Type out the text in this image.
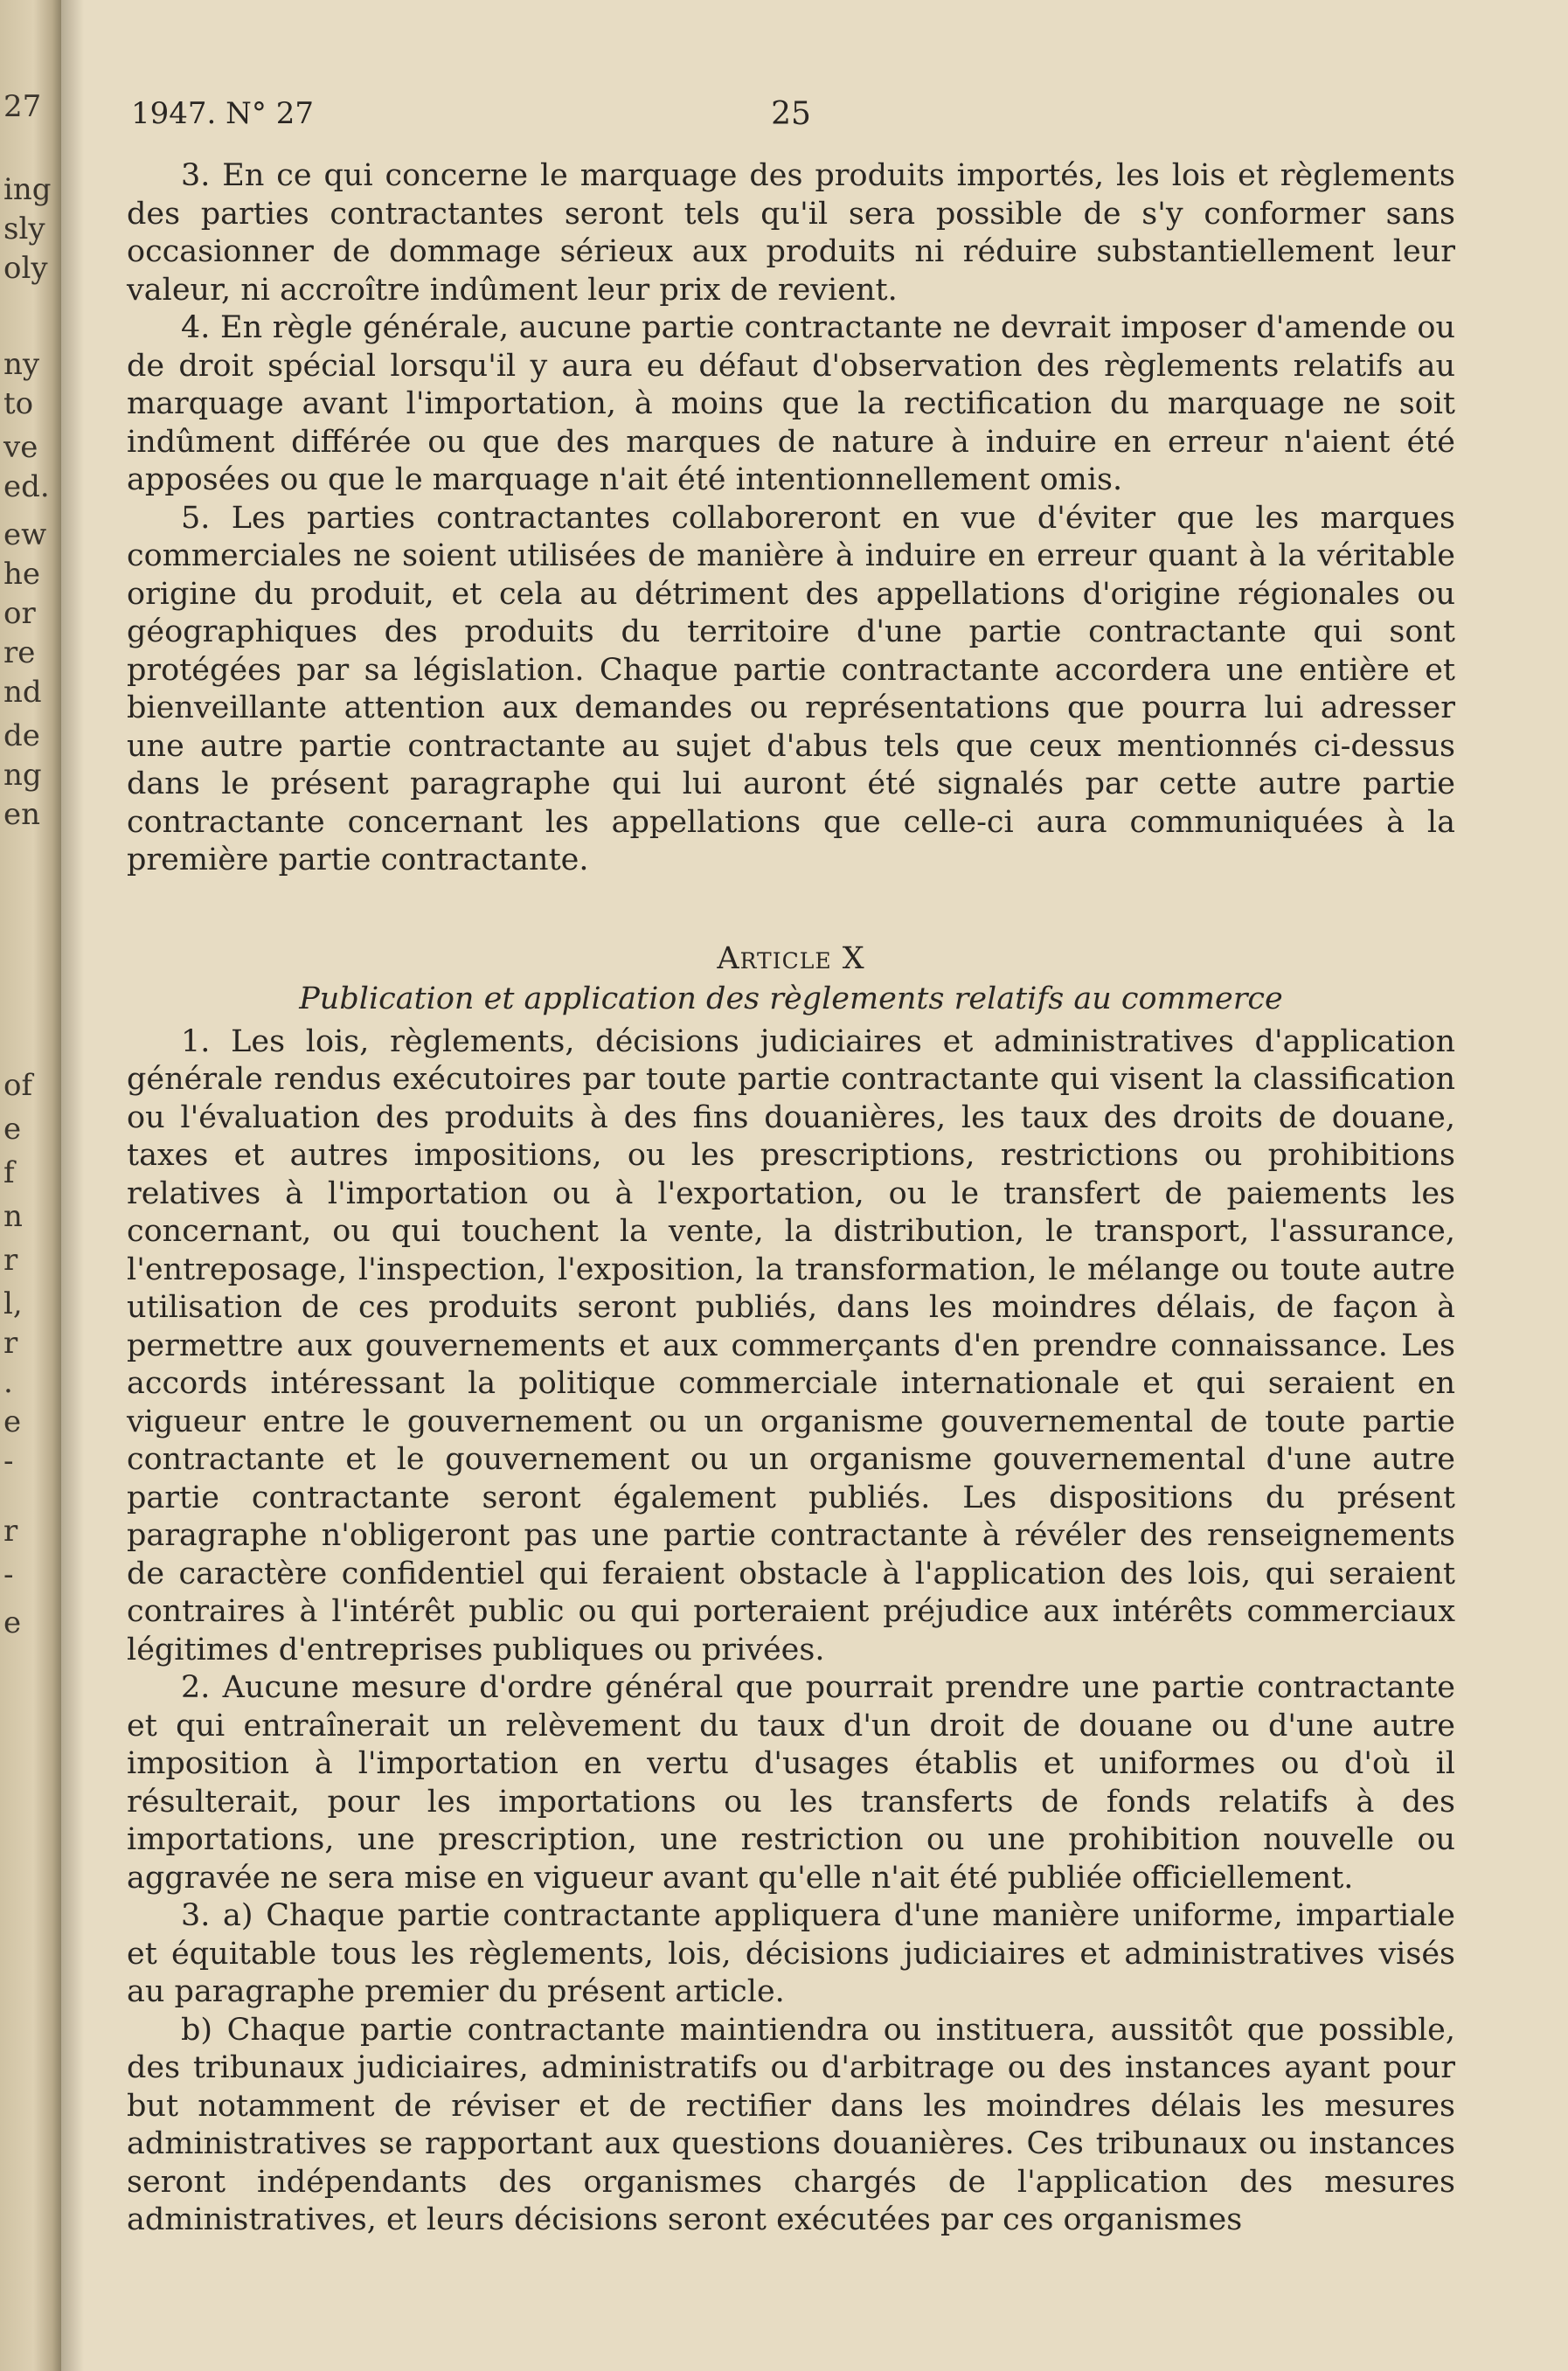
27
ing
sly
oly
ny
to
ve
ed.
ew
he
or
re
nd
de
ng
en
of
e
f
n
r
l,
r
.
e
-
r
-
e
1947. N° 27	25

3. En ce qui concerne le marquage des produits importés, les lois et règlements des parties contractantes seront tels qu'il sera possible de s'y conformer sans occasionner de dommage sérieux aux produits ni réduire substantiellement leur valeur, ni accroître indûment leur prix de revient.

4. En règle générale, aucune partie contractante ne devrait imposer d'amende ou de droit spécial lorsqu'il y aura eu défaut d'observation des règlements relatifs au marquage avant l'importation, à moins que la rectification du marquage ne soit indûment différée ou que des marques de nature à induire en erreur n'aient été apposées ou que le marquage n'ait été intentionnellement omis.

5. Les parties contractantes collaboreront en vue d'éviter que les marques commerciales ne soient utilisées de manière à induire en erreur quant à la véritable origine du produit, et cela au détriment des appellations d'origine régionales ou géographiques des produits du territoire d'une partie contractante qui sont protégées par sa législation. Chaque partie contractante accordera une entière et bienveillante attention aux demandes ou représentations que pourra lui adresser une autre partie contractante au sujet d'abus tels que ceux mentionnés ci-dessus dans le présent paragraphe qui lui auront été signalés par cette autre partie contractante concernant les appellations que celle-ci aura communiquées à la première partie contractante.

Article X
Publication et application des règlements relatifs au commerce

1. Les lois, règlements, décisions judiciaires et administratives d'application générale rendus exécutoires par toute partie contractante qui visent la classification ou l'évaluation des produits à des fins douanières, les taux des droits de douane, taxes et autres impositions, ou les prescriptions, restrictions ou prohibitions relatives à l'importation ou à l'exportation, ou le transfert de paiements les concernant, ou qui touchent la vente, la distribution, le transport, l'assurance, l'entreposage, l'inspection, l'exposition, la transformation, le mélange ou toute autre utilisation de ces produits seront publiés, dans les moindres délais, de façon à permettre aux gouvernements et aux commerçants d'en prendre connaissance. Les accords intéressant la politique commerciale internationale et qui seraient en vigueur entre le gouvernement ou un organisme gouvernemental de toute partie contractante et le gouvernement ou un organisme gouvernemental d'une autre partie contractante seront également publiés. Les dispositions du présent paragraphe n'obligeront pas une partie contractante à révéler des renseignements de caractère confidentiel qui feraient obstacle à l'application des lois, qui seraient contraires à l'intérêt public ou qui porteraient préjudice aux intérêts commerciaux légitimes d'entreprises publiques ou privées.

2. Aucune mesure d'ordre général que pourrait prendre une partie contractante et qui entraînerait un relèvement du taux d'un droit de douane ou d'une autre imposition à l'importation en vertu d'usages établis et uniformes ou d'où il résulterait, pour les importations ou les transferts de fonds relatifs à des importations, une prescription, une restriction ou une prohibition nouvelle ou aggravée ne sera mise en vigueur avant qu'elle n'ait été publiée officiellement.

3. a) Chaque partie contractante appliquera d'une manière uniforme, impartiale et équitable tous les règlements, lois, décisions judiciaires et administratives visés au paragraphe premier du présent article.

b) Chaque partie contractante maintiendra ou instituera, aussitôt que possible, des tribunaux judiciaires, administratifs ou d'arbitrage ou des instances ayant pour but notamment de réviser et de rectifier dans les moindres délais les mesures administratives se rapportant aux questions douanières. Ces tribunaux ou instances seront indépendants des organismes chargés de l'application des mesures administratives, et leurs décisions seront exécutées par ces organismes
